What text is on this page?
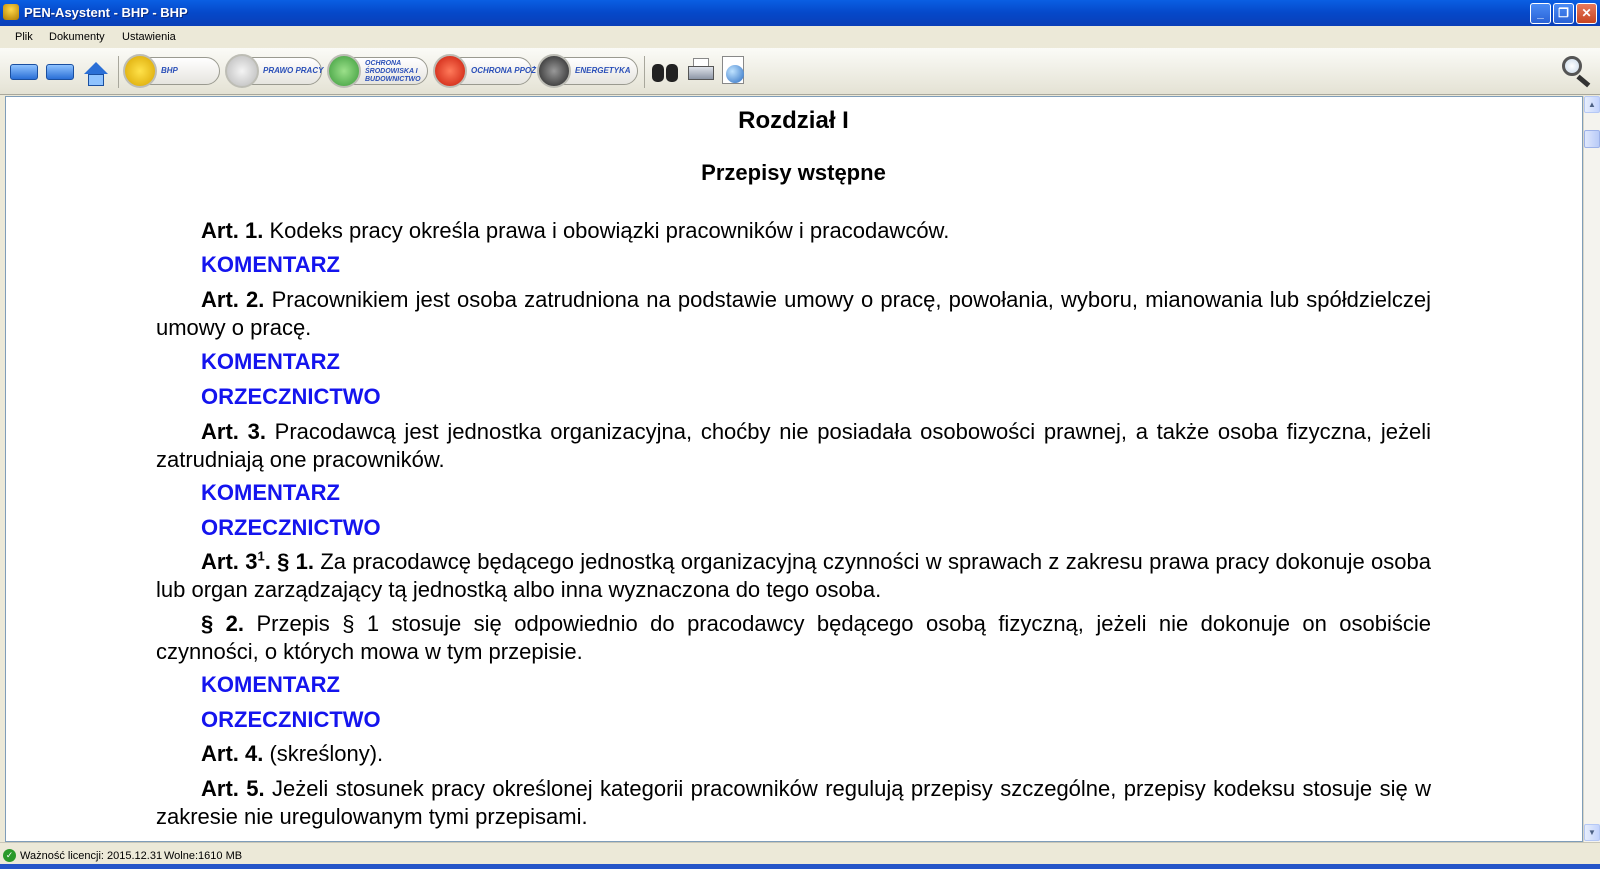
PEN-Asystent - BHP - BHP	_	❐	✕
Plik Dokumenty Ustawienia
BHP	PRAWO PRACY
OCHRONA ŚRODOWISKA I BUDOWNICTWO
OCHRONA PPOŻ	ENERGETYKA
Rozdział I
Przepisy wstępne
Art. 1. Kodeks pracy określa prawa i obowiązki pracowników i pracodawców.
KOMENTARZ
Art. 2. Pracownikiem jest osoba zatrudniona na podstawie umowy o pracę, powołania, wyboru, mianowania lub spółdzielczej umowy o pracę.
KOMENTARZ
ORZECZNICTWO
Art. 3. Pracodawcą jest jednostka organizacyjna, choćby nie posiadała osobowości prawnej, a także osoba fizyczna, jeżeli zatrudniają one pracowników.
KOMENTARZ
ORZECZNICTWO
Art. $3^1$. § 1. Za pracodawcę będącego jednostką organizacyjną czynności w sprawach z zakresu prawa pracy dokonuje osoba lub organ zarządzający tą jednostką albo inna wyznaczona do tego osoba.
§ 2. Przepis § 1 stosuje się odpowiednio do pracodawcy będącego osobą fizyczną, jeżeli nie dokonuje on osobiście czynności, o których mowa w tym przepisie.
KOMENTARZ
ORZECZNICTWO
Art. 4. (skreślony).
Art. 5. Jeżeli stosunek pracy określonej kategorii pracowników regulują przepisy szczególne, przepisy kodeksu stosuje się w zakresie nie uregulowanym tymi przepisami.
▲
▼
✓ Ważność licencji: 2015.12.31 Wolne:1610 MB
